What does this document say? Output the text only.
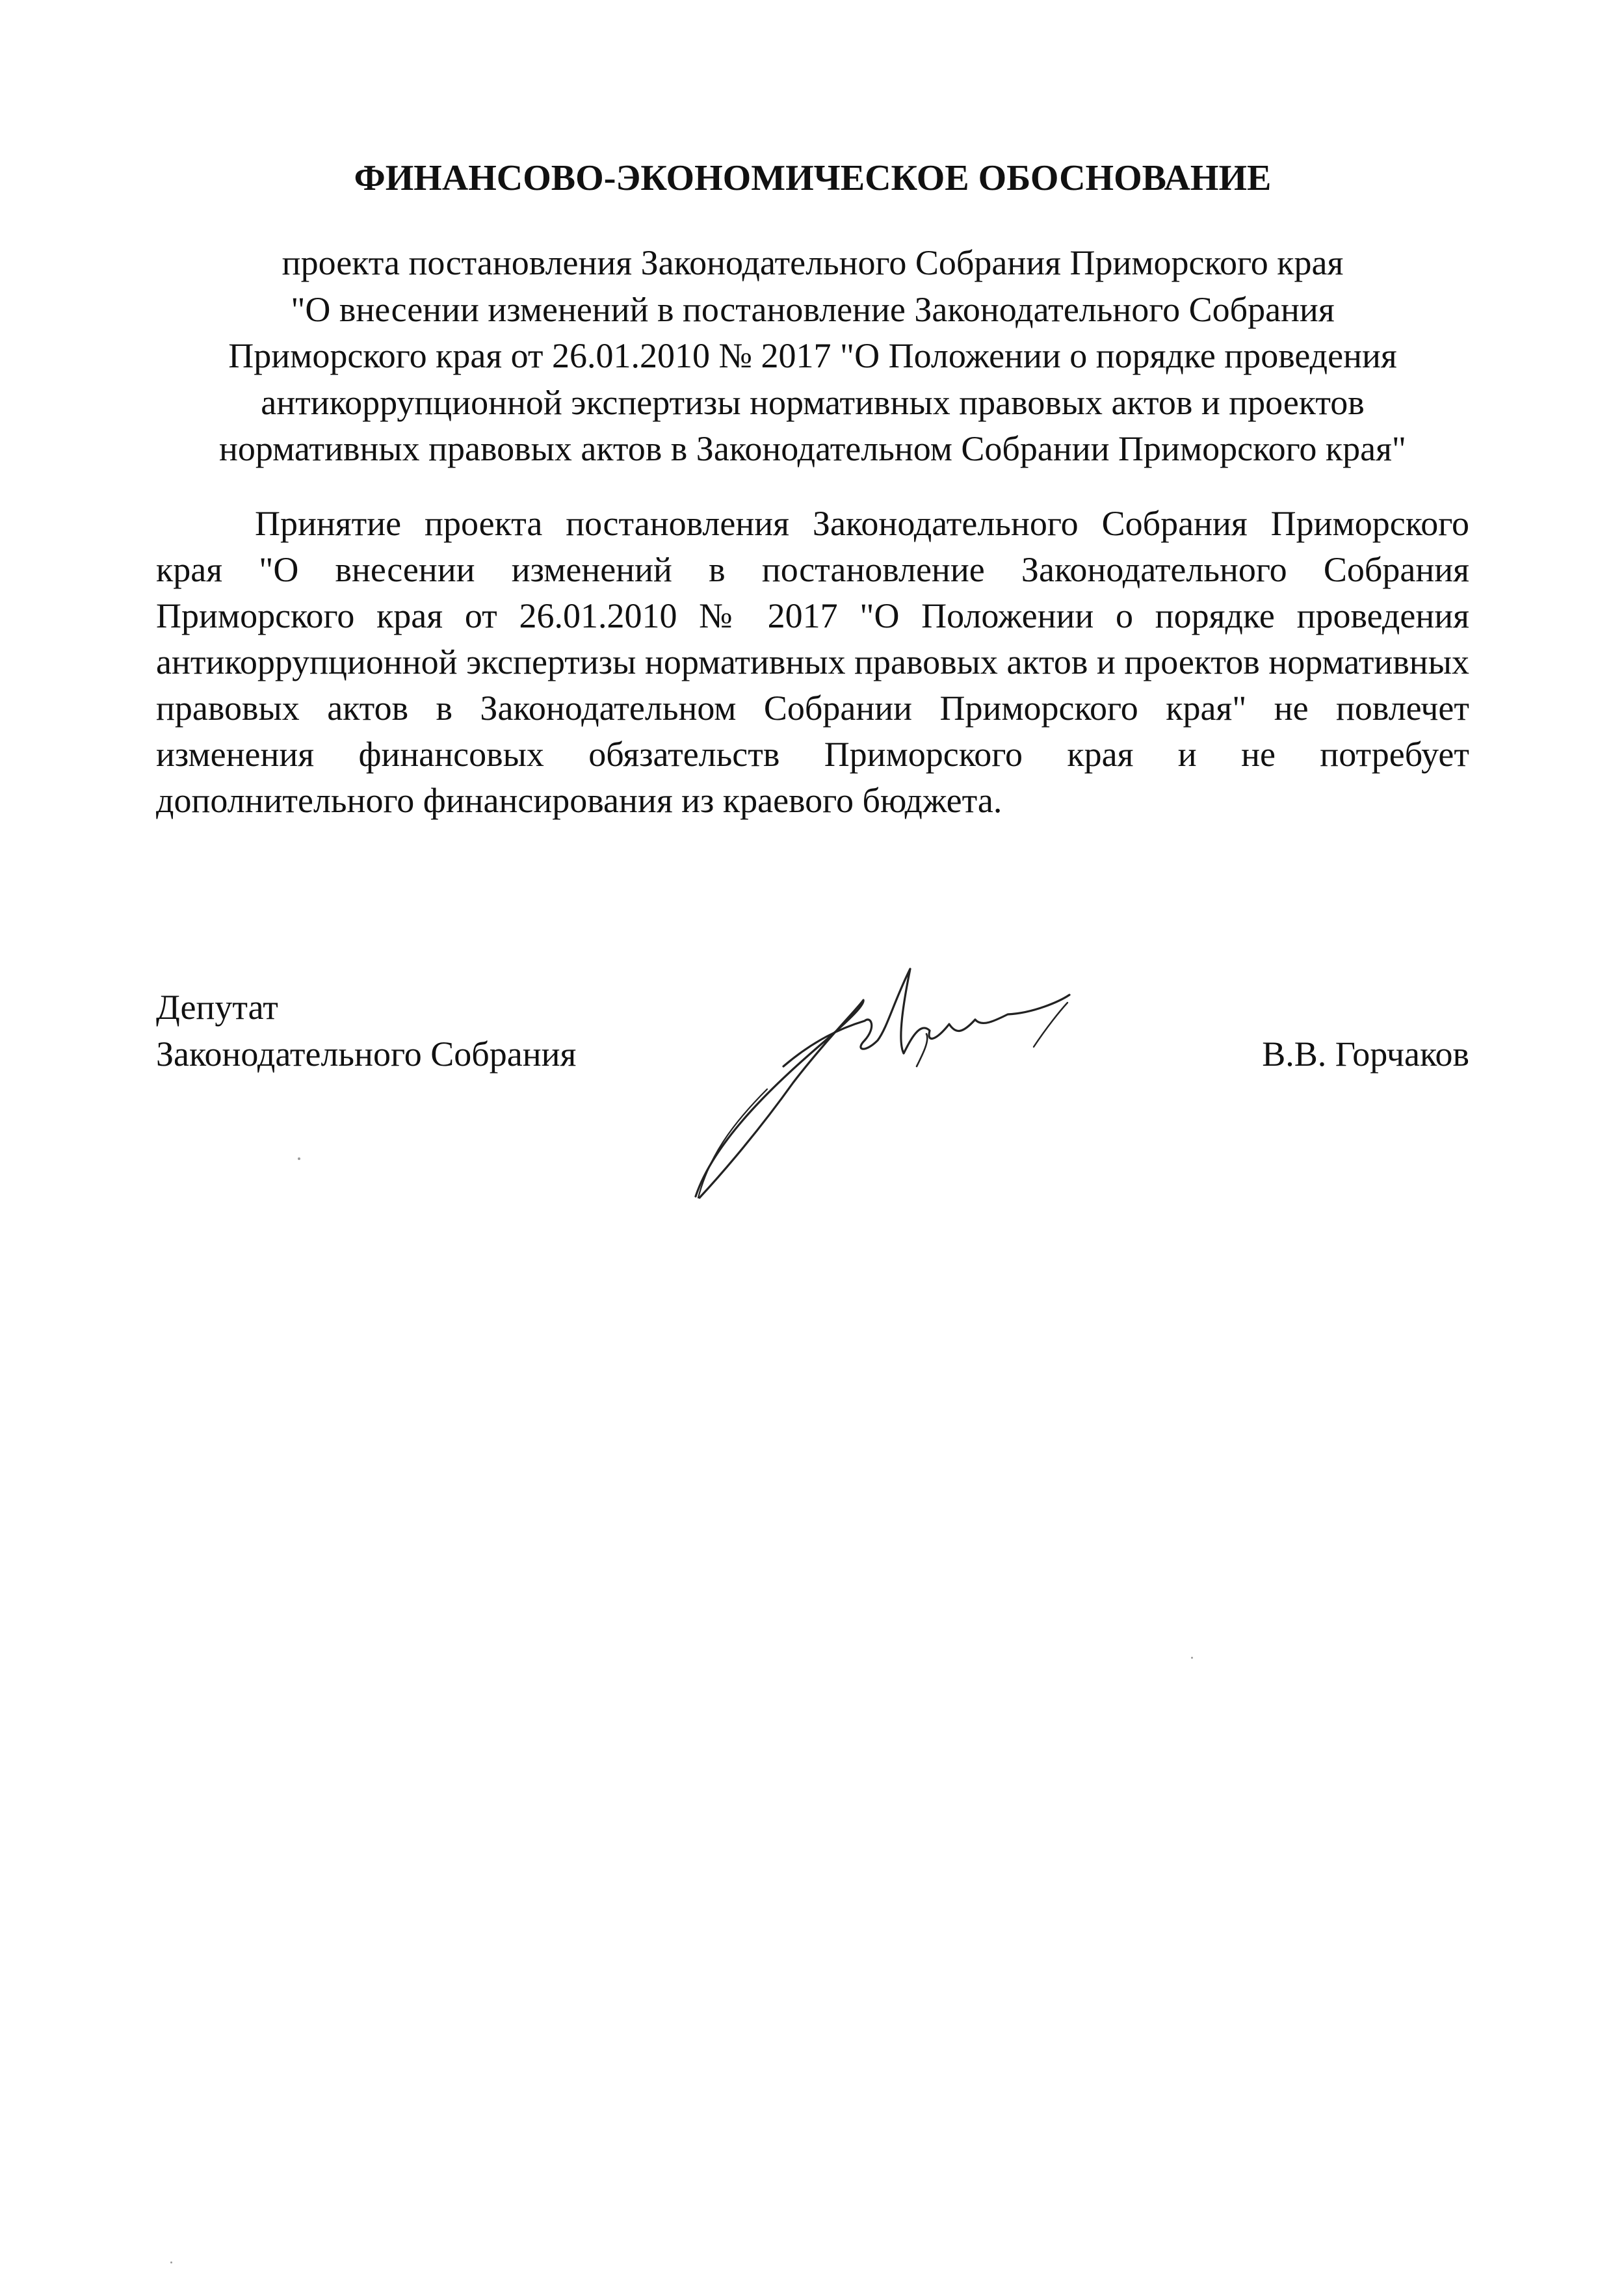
ФИНАНСОВО-ЭКОНОМИЧЕСКОЕ ОБОСНОВАНИЕ

проекта постановления Законодательного Собрания Приморского края
"О внесении изменений в постановление Законодательного Собрания
Приморского края от 26.01.2010 № 2017 "О Положении о порядке проведения
антикоррупционной экспертизы нормативных правовых актов и проектов
нормативных правовых актов в Законодательном Собрании Приморского края"

Принятие проекта постановления Законодательного Собрания Приморского края "О внесении изменений в постановление Законодательного Собрания Приморского края от 26.01.2010 № 2017 "О Положении о порядке проведения антикоррупционной экспертизы нормативных правовых актов и проектов нормативных правовых актов в Законодательном Собрании Приморского края" не повлечет изменения финансовых обязательств Приморского края и не потребует дополнительного финансирования из краевого бюджета.

Депутат
Законодательного Собрания	В.В. Горчаков
